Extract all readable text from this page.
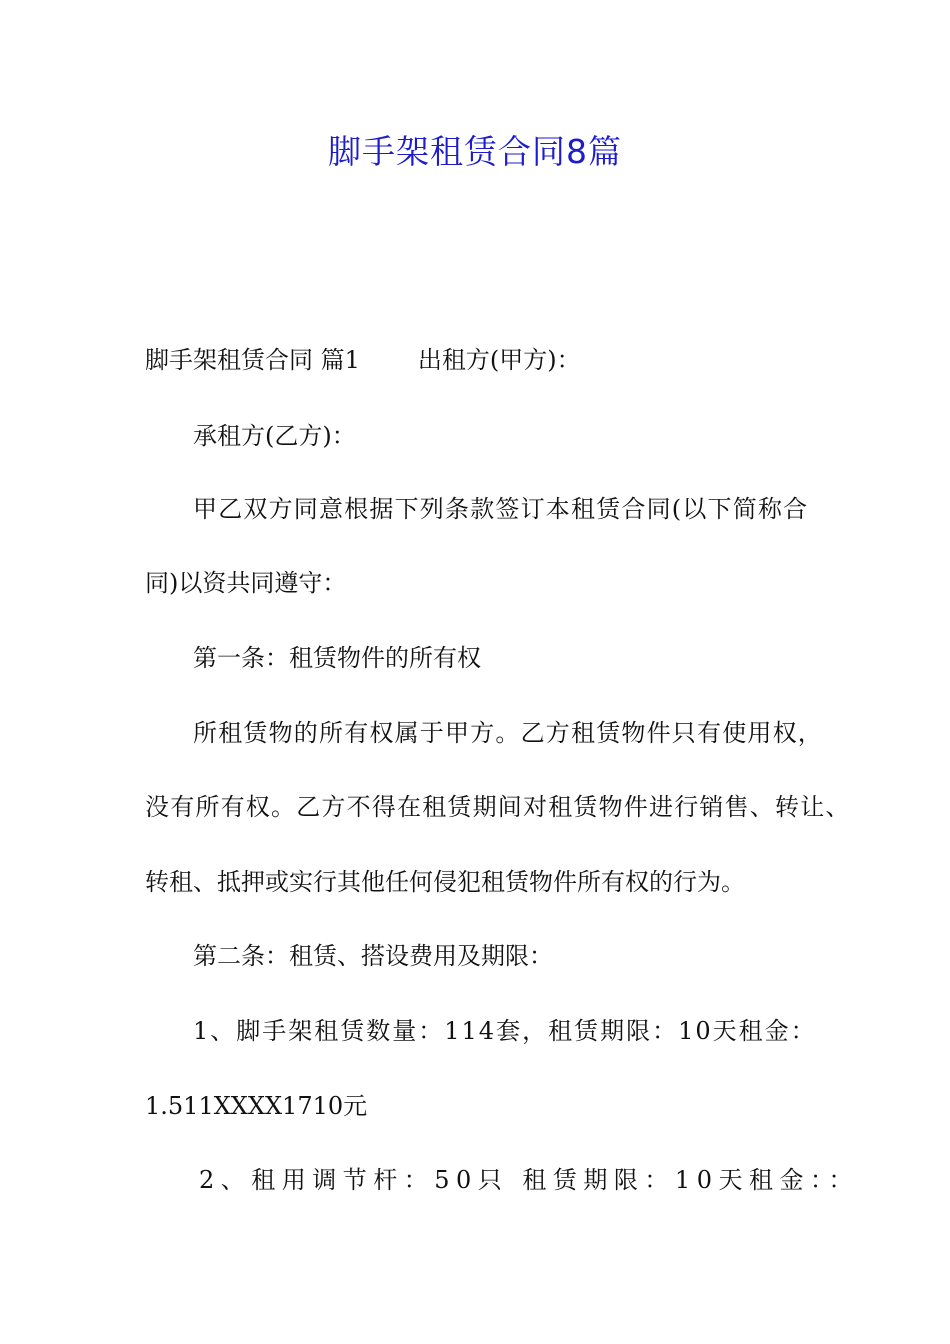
脚手架租赁合同8篇

脚手架租赁合同 篇1 出租方(甲方)：

承租方(乙方)：

甲乙双方同意根据下列条款签订本租赁合同(以下简称合

同)以资共同遵守：

第一条：租赁物件的所有权

所租赁物的所有权属于甲方。乙方租赁物件只有使用权，

没有所有权。乙方不得在租赁期间对租赁物件进行销售、转让、

转租、抵押或实行其他任何侵犯租赁物件所有权的行为。

第二条：租赁、搭设费用及期限：

1、脚手架租赁数量：114套，租赁期限：10天租金：

1.511XXXX1710元

2、租用调节杆：50只 租赁期限：10天租金：：
